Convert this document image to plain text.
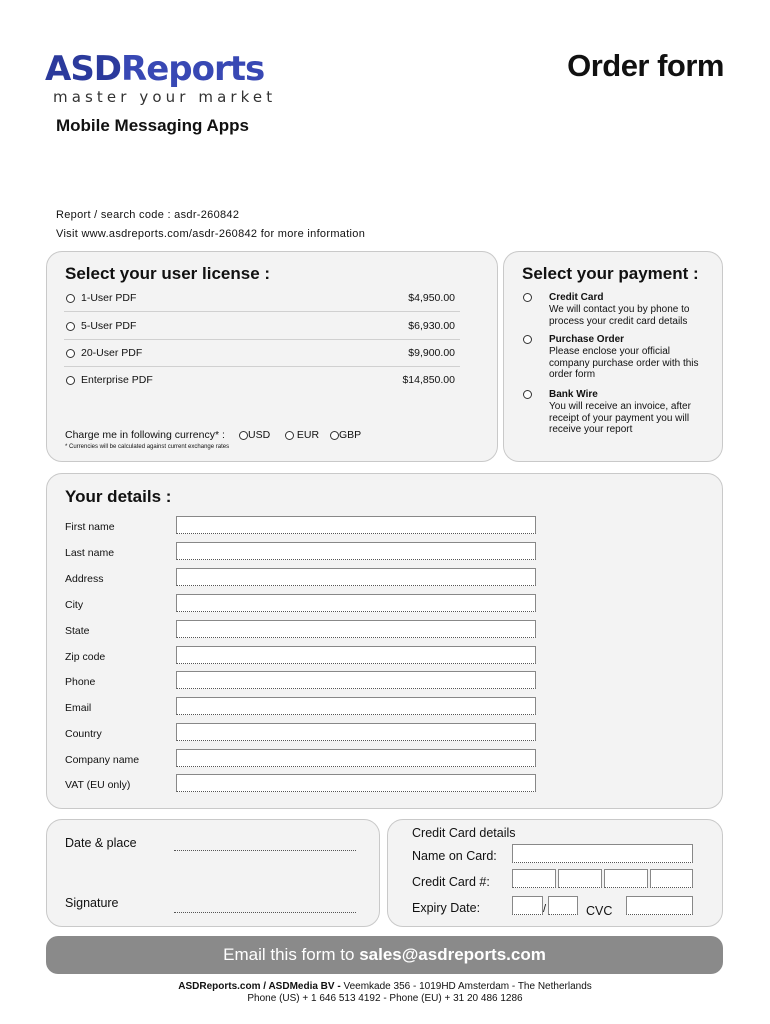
ASDReports
master your market
Order form
Mobile Messaging Apps
Report / search code : asdr-260842
Visit www.asdreports.com/asdr-260842 for more information
Select your user license :
1-User PDF	$4,950.00
5-User PDF	$6,930.00
20-User PDF	$9,900.00
Enterprise PDF	$14,850.00
Charge me in following currency* :	USD	EUR	GBP
* Currencies will be calculated against current exchange rates
Select your payment :
Credit Card
We will contact you by phone to process your credit card details
Purchase Order
Please enclose your official company purchase order with this order form
Bank Wire
You will receive an invoice, after receipt of your payment you will receive your report
Your details :
First name
Last name
Address
City
State
Zip code
Phone
Email
Country
Company name
VAT (EU only)
Date & place
Signature
Credit Card details
Name on Card:
Credit Card #:
Expiry Date:	/	CVC
Email this form to sales@asdreports.com
ASDReports.com / ASDMedia BV - Veemkade 356 - 1019HD Amsterdam - The Netherlands
Phone (US) + 1 646 513 4192 - Phone (EU) + 31 20 486 1286
